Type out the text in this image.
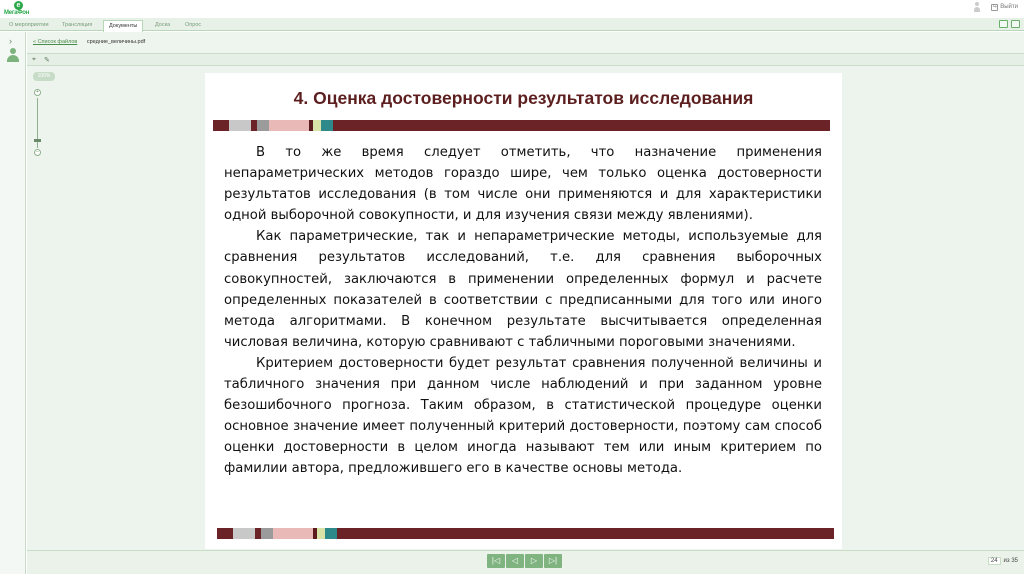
е
МегаФон
↪ Выйти
О мероприятии	Трансляция	Документы	Доска	Опрос
›	« Список файлов средние_величины.pdf
⌖ ✎
100%
+
−
4. Оценка достоверности результатов исследования

В то же время следует отметить, что назначение применения непараметрических методов гораздо шире, чем только оценка достоверности результатов исследования (в том числе они применяются и для характеристики одной выборочной совокупности, и для изучения связи между явлениями).

Как параметрические, так и непараметрические методы, используемые для сравнения результатов исследований, т.е. для сравнения выборочных совокупностей, заключаются в применении определенных формул и расчете определенных показателей в соответствии с предписанными для того или иного метода алгоритмами. В конечном результате высчитывается определенная числовая величина, которую сравнивают с табличными пороговыми значениями.

Критерием достоверности будет результат сравнения полученной величины и табличного значения при данном числе наблюдений и при заданном уровне безошибочного прогноза. Таким образом, в статистической процедуре оценки основное значение имеет полученный критерий достоверности, поэтому сам способ оценки достоверности в целом иногда называют тем или иным критерием по фамилии автора, предложившего его в качестве основы метода.

|◁	◁	▷	▷|	24	из 35
